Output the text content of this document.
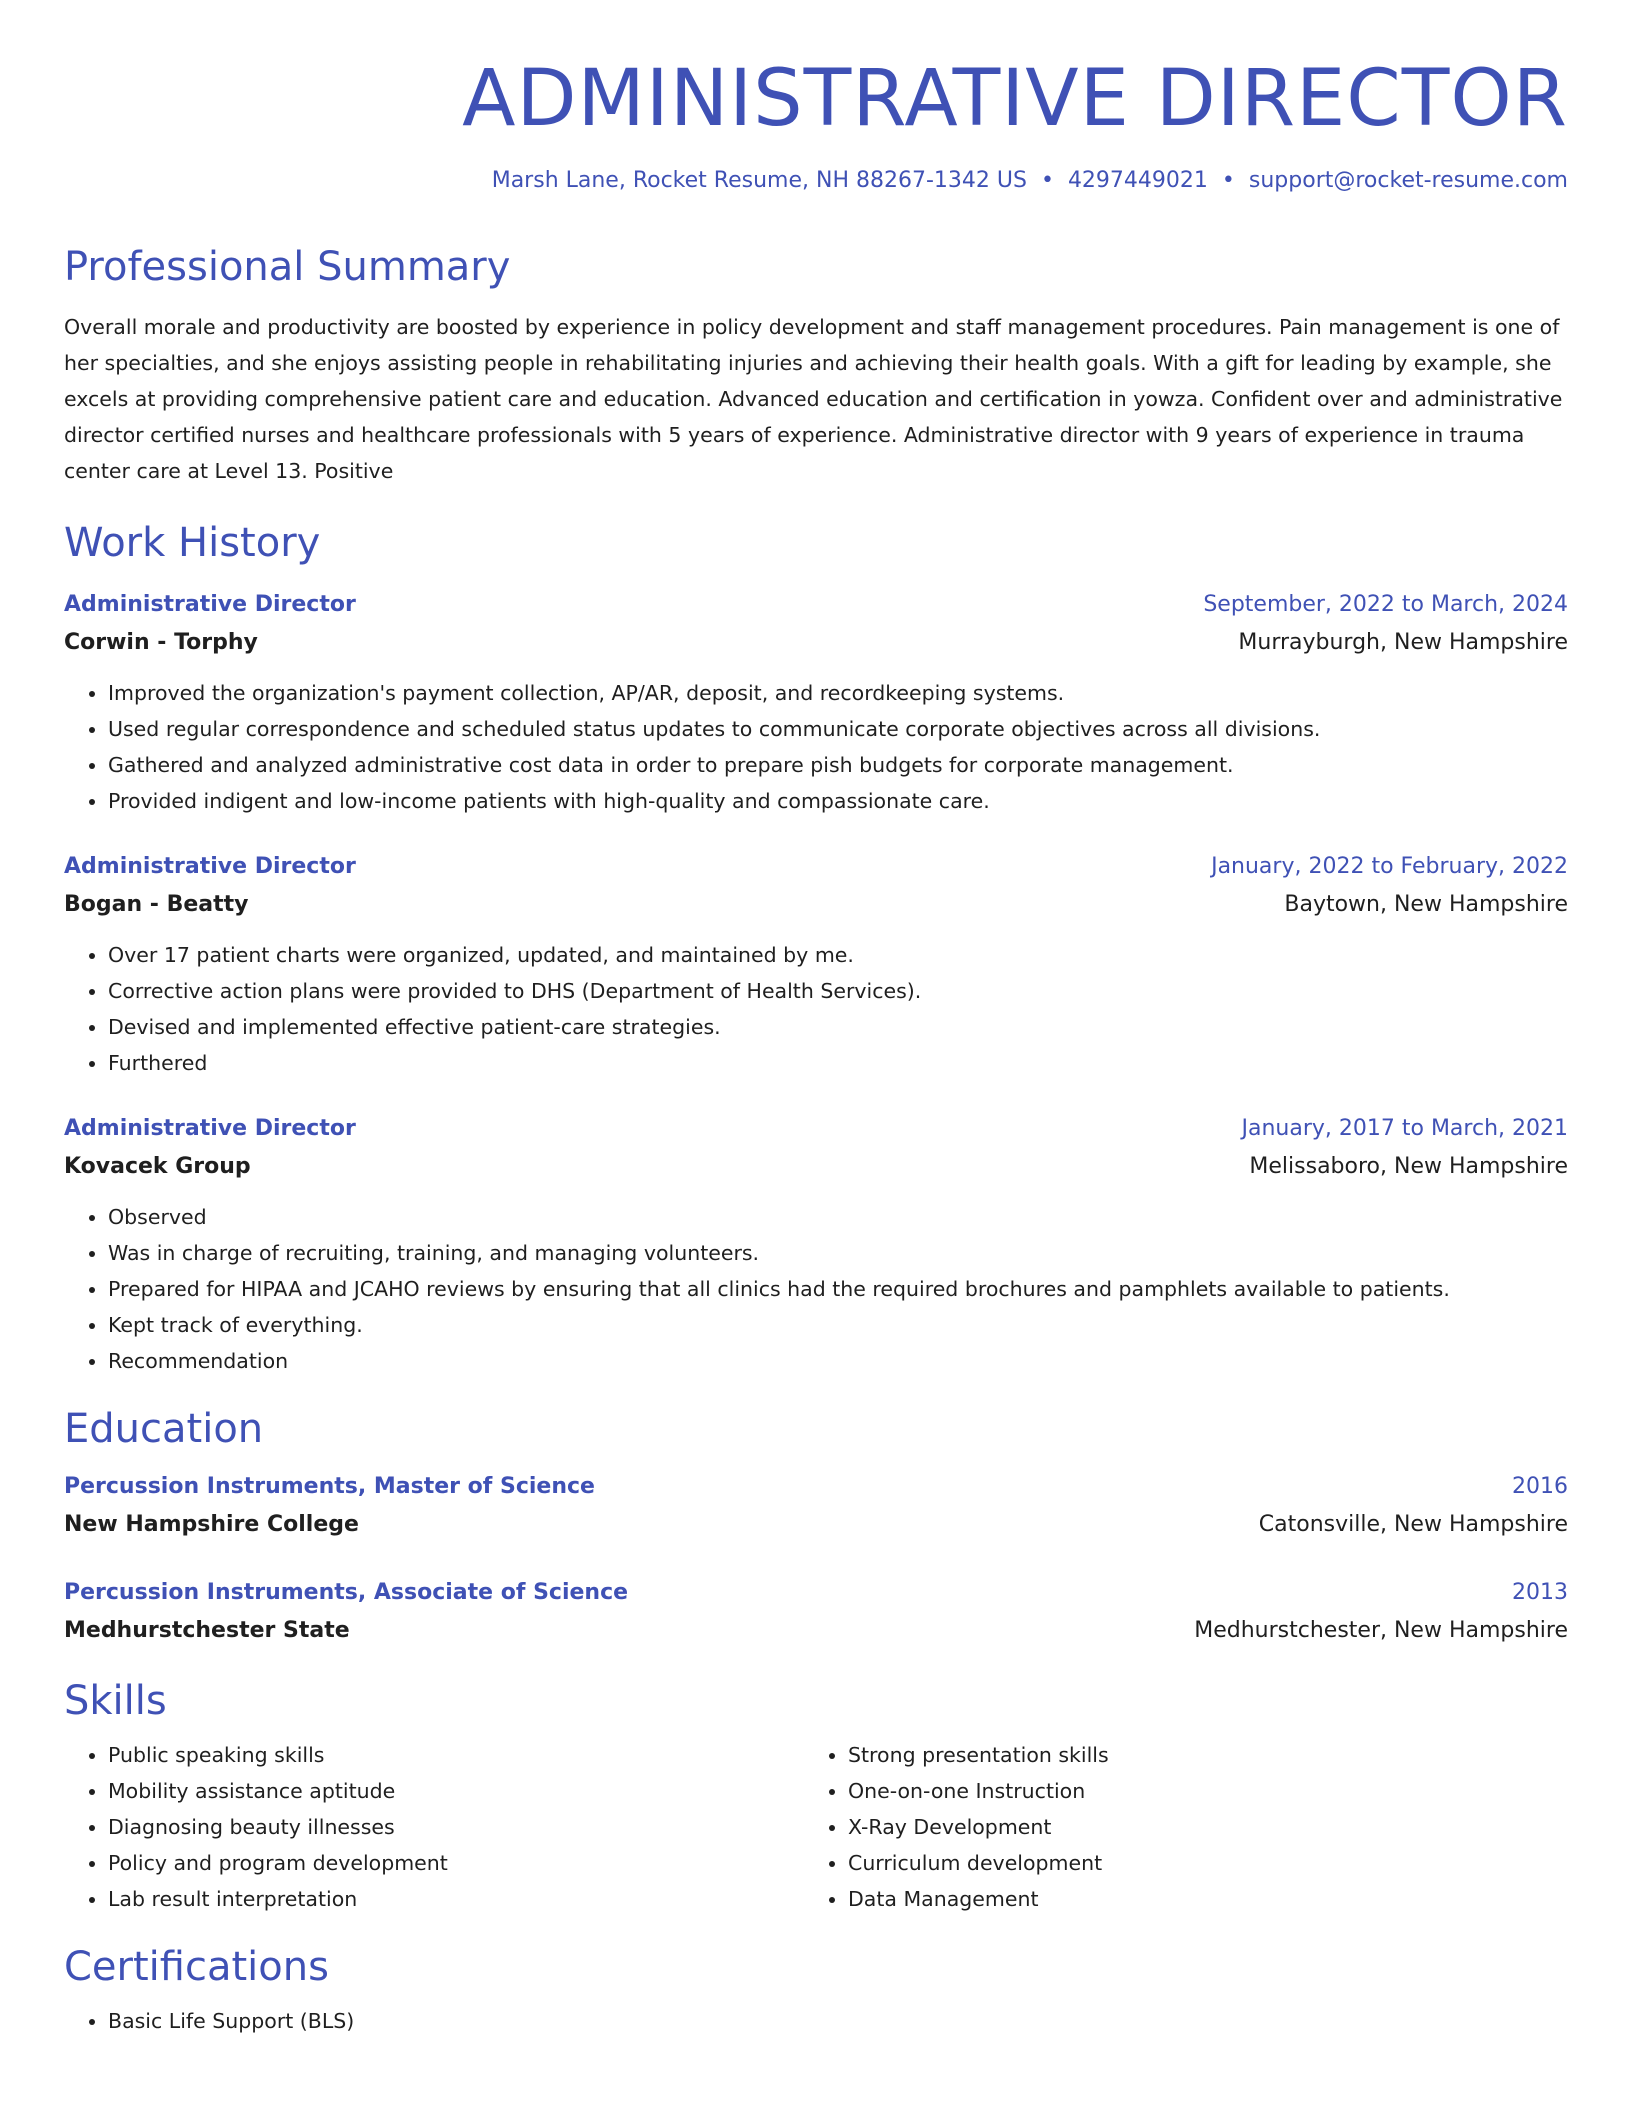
ADMINISTRATIVE DIRECTOR
Marsh Lane, Rocket Resume, NH 88267-1342 US • 4297449021 • support@rocket-resume.com
Professional Summary
Overall morale and productivity are boosted by experience in policy development and staff management procedures. Pain management is one of her specialties, and she enjoys assisting people in rehabilitating injuries and achieving their health goals. With a gift for leading by example, she excels at providing comprehensive patient care and education. Advanced education and certification in yowza. Confident over and administrative director certified nurses and healthcare professionals with 5 years of experience. Administrative director with 9 years of experience in trauma center care at Level 13. Positive
Work History
Administrative Director	September, 2022 to March, 2024
Corwin - Torphy	Murrayburgh, New Hampshire
• Improved the organization's payment collection, AP/AR, deposit, and recordkeeping systems.
• Used regular correspondence and scheduled status updates to communicate corporate objectives across all divisions.
• Gathered and analyzed administrative cost data in order to prepare pish budgets for corporate management.
• Provided indigent and low-income patients with high-quality and compassionate care.
Administrative Director	January, 2022 to February, 2022
Bogan - Beatty	Baytown, New Hampshire
• Over 17 patient charts were organized, updated, and maintained by me.
• Corrective action plans were provided to DHS (Department of Health Services).
• Devised and implemented effective patient-care strategies.
• Furthered
Administrative Director	January, 2017 to March, 2021
Kovacek Group	Melissaboro, New Hampshire
• Observed
• Was in charge of recruiting, training, and managing volunteers.
• Prepared for HIPAA and JCAHO reviews by ensuring that all clinics had the required brochures and pamphlets available to patients.
• Kept track of everything.
• Recommendation
Education
Percussion Instruments, Master of Science	2016
New Hampshire College	Catonsville, New Hampshire
Percussion Instruments, Associate of Science	2013
Medhurstchester State	Medhurstchester, New Hampshire
Skills
• Public speaking skills
• Mobility assistance aptitude
• Diagnosing beauty illnesses
• Policy and program development
• Lab result interpretation
• Strong presentation skills
• One-on-one Instruction
• X-Ray Development
• Curriculum development
• Data Management
Certifications
• Basic Life Support (BLS)
